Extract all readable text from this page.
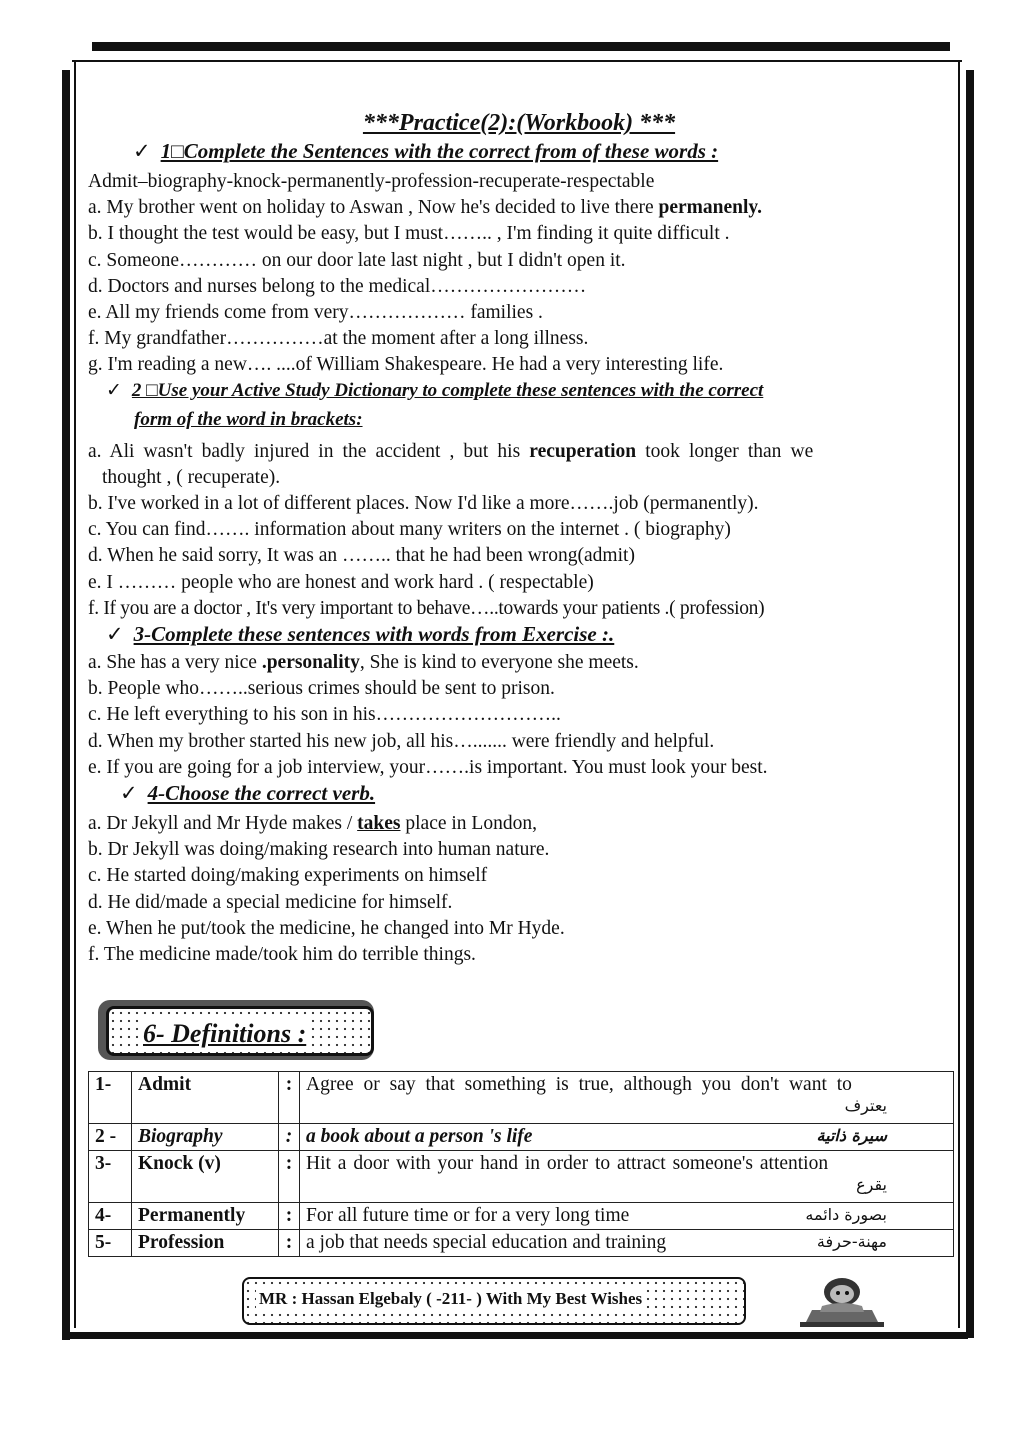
***Practice(2):(Workbook) ***
✓ 1□Complete the Sentences with the correct from of these words :

Admit–biography-knock-permanently-profession-recuperate-respectable

a. My brother went on holiday to Aswan , Now he's decided to live there permanenly.

b. I thought the test would be easy, but I must…….. , I'm finding it quite difficult .

c. Someone………… on our door late last night , but I didn't open it.

d. Doctors and nurses belong to the medical……………………

e. All my friends come from very……………… families .

f. My grandfather……………at the moment after a long illness.

g. I'm reading a new…. ....of William Shakespeare. He had a very interesting life.

✓ 2 □Use your Active Study Dictionary to complete these sentences with the correct
form of the word in brackets:

a. Ali wasn't badly injured in the accident , but his recuperation took longer than we

thought , ( recuperate).

b. I've worked in a lot of different places. Now I'd like a more…….job (permanently).

c. You can find……. information about many writers on the internet . ( biography)

d. When he said sorry, It was an …….. that he had been wrong(admit)

e. I ……… people who are honest and work hard . ( respectable)

f. If you are a doctor , It's very important to behave…..towards your patients .( profession)

✓ 3-Complete these sentences with words from Exercise :.

a. She has a very nice .personality, She is kind to everyone she meets.

b. People who……..serious crimes should be sent to prison.

c. He left everything to his son in his………………………..

d. When my brother started his new job, all his…....... were friendly and helpful.

e. If you are going for a job interview, your…….is important. You must look your best.

✓ 4-Choose the correct verb.

a. Dr Jekyll and Mr Hyde makes / takes place in London,

b. Dr Jekyll was doing/making research into human nature.

c. He started doing/making experiments on himself

d. He did/made a special medicine for himself.

e. When he put/took the medicine, he changed into Mr Hyde.

f. The medicine made/took him do terrible things.

6- Definitions :
1-	Admit	:	Agree or say that something is true, although you don't want to
يعترف

2 -	Biography	:	a book about a person 's life سيرة ذاتية

3-	Knock (v)	:	Hit a door with your hand in order to attract someone's attention
يقرع

4-	Permanently	:	For all future time or for a very long time بصورة دائمه

5-	Profession	:	a job that needs special education and training مهنة-حرفة
MR : Hassan Elgebaly ( -211- ) With My Best Wishes
